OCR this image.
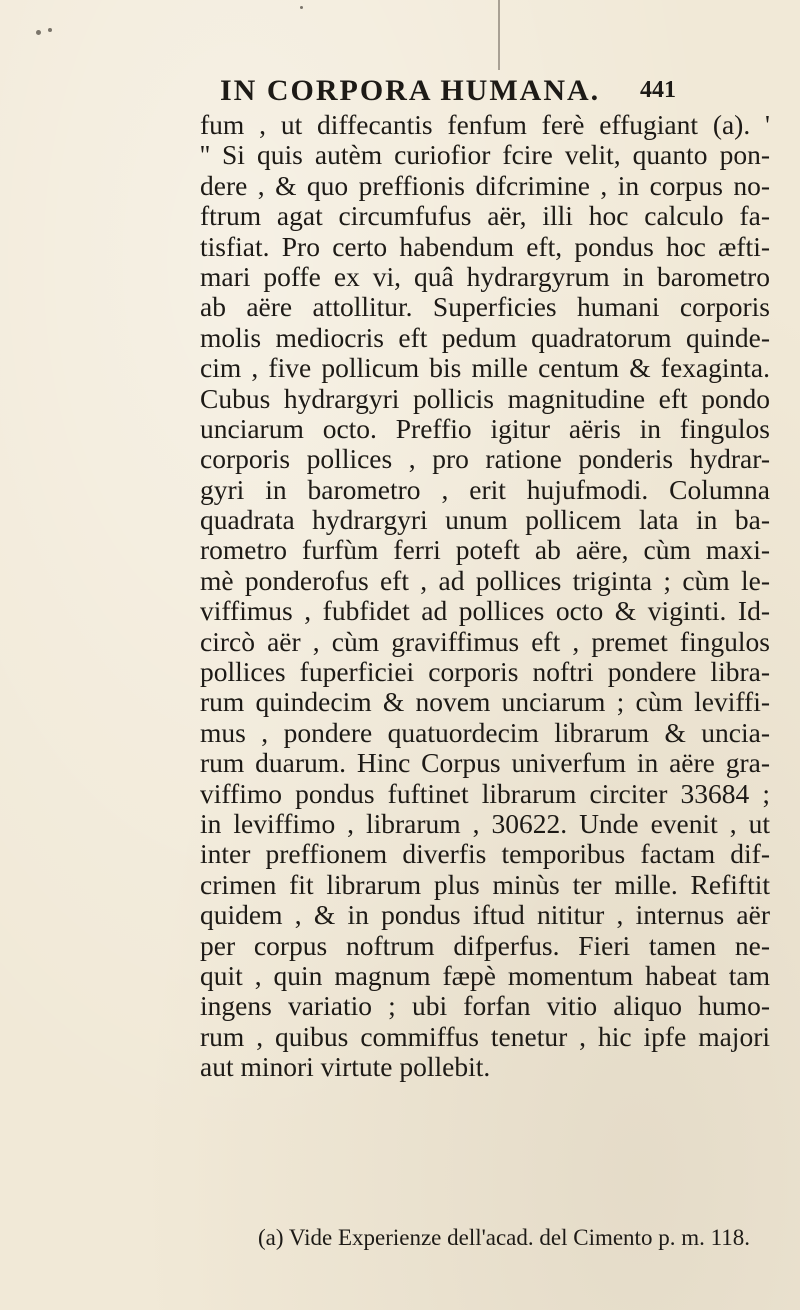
IN CORPORA HUMANA. 441
fum , ut diffecantis fenfum ferè effugiant (a). '
'' Si quis autèm curiofior fcire velit, quanto pon-
dere , & quo preffionis difcrimine , in corpus no-
ftrum agat circumfufus aër, illi hoc calculo fa-
tisfiat. Pro certo habendum eft, pondus hoc æfti-
mari poffe ex vi, quâ hydrargyrum in barometro
ab aëre attollitur. Superficies humani corporis
molis mediocris eft pedum quadratorum quinde-
cim , five pollicum bis mille centum & fexaginta.
Cubus hydrargyri pollicis magnitudine eft pondo
unciarum octo. Preffio igitur aëris in fingulos
corporis pollices , pro ratione ponderis hydrar-
gyri in barometro , erit hujufmodi. Columna
quadrata hydrargyri unum pollicem lata in ba-
rometro furfùm ferri poteft ab aëre, cùm maxi-
mè ponderofus eft , ad pollices triginta ; cùm le-
viffimus , fubfidet ad pollices octo & viginti. Id-
circò aër , cùm graviffimus eft , premet fingulos
pollices fuperficiei corporis noftri pondere libra-
rum quindecim & novem unciarum ; cùm leviffi-
mus , pondere quatuordecim librarum & uncia-
rum duarum. Hinc Corpus univerfum in aëre gra-
viffimo pondus fuftinet librarum circiter 33684 ;
in leviffimo , librarum , 30622. Unde evenit , ut
inter preffionem diverfis temporibus factam dif-
crimen fit librarum plus minùs ter mille. Refiftit
quidem , & in pondus iftud nititur , internus aër
per corpus noftrum difperfus. Fieri tamen ne-
quit , quin magnum fæpè momentum habeat tam
ingens variatio ; ubi forfan vitio aliquo humo-
rum , quibus commiffus tenetur , hic ipfe majori
aut minori virtute pollebit.
(a) Vide Experienze dell'acad. del Cimento p. m. 118.
